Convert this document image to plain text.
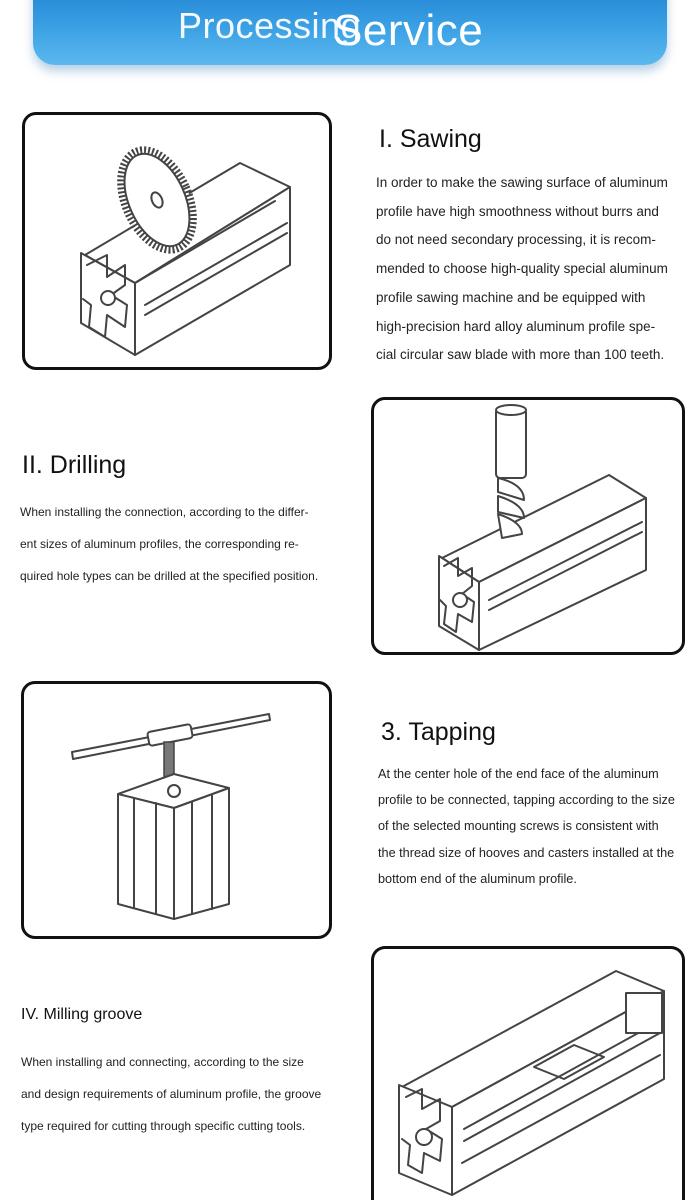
Processing
Service
I. Sawing
In order to make the sawing surface of aluminum
profile have high smoothness without burrs and
do not need secondary processing, it is recom-
mended to choose high-quality special aluminum
profile sawing machine and be equipped with
high-precision hard alloy aluminum profile spe-
cial circular saw blade with more than 100 teeth.
II. Drilling
When installing the connection, according to the differ-
ent sizes of aluminum profiles, the corresponding re-
quired hole types can be drilled at the specified position.
3. Tapping
At the center hole of the end face of the aluminum
profile to be connected, tapping according to the size
of the selected mounting screws is consistent with
the thread size of hooves and casters installed at the
bottom end of the aluminum profile.
IV. Milling groove
When installing and connecting, according to the size
and design requirements of aluminum profile, the groove
type required for cutting through specific cutting tools.
